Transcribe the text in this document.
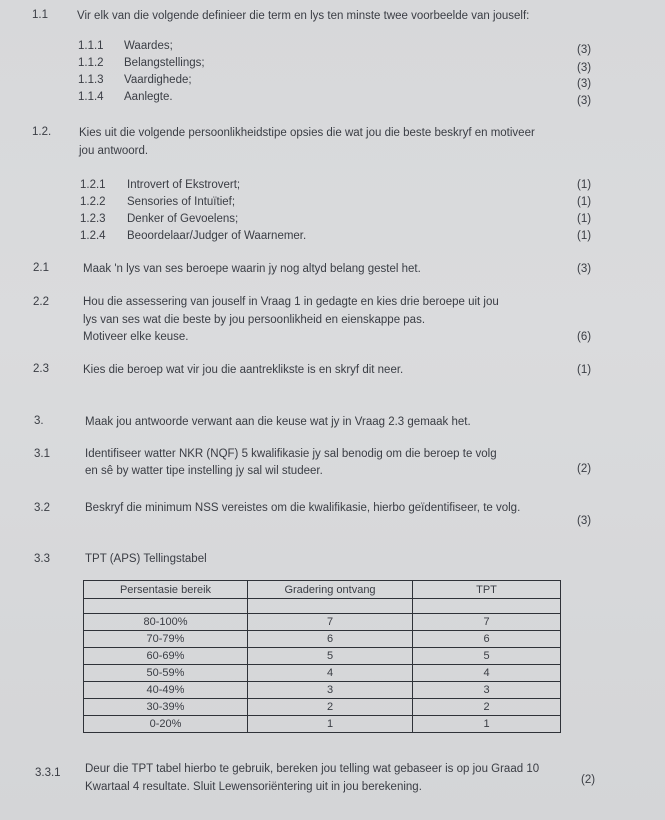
1.1	Vir elk van die volgende definieer die term en lys ten minste twee voorbeelde van jouself:
1.1.1 Waardes;	(3)
1.1.2 Belangstellings;	(3)
1.1.3 Vaardighede;	(3)
1.1.4 Aanlegte.	(3)
1.2. Kies uit die volgende persoonlikheidstipe opsies die wat jou die beste beskryf en motiveer
jou antwoord.
1.2.1 Introvert of Ekstrovert;	(1)
1.2.2 Sensories of Intuïtief;	(1)
1.2.3 Denker of Gevoelens;	(1)
1.2.4 Beoordelaar/Judger of Waarnemer.	(1)
2.1	Maak 'n lys van ses beroepe waarin jy nog altyd belang gestel het.	(3)
2.2	Hou die assessering van jouself in Vraag 1 in gedagte en kies drie beroepe uit jou
lys van ses wat die beste by jou persoonlikheid en eienskappe pas.
Motiveer elke keuse.	(6)
2.3	Kies die beroep wat vir jou die aantreklikste is en skryf dit neer.	(1)
3.	Maak jou antwoorde verwant aan die keuse wat jy in Vraag 2.3 gemaak het.
3.1	Identifiseer watter NKR (NQF) 5 kwalifikasie jy sal benodig om die beroep te volg
en sê by watter tipe instelling jy sal wil studeer.	(2)
3.2	Beskryf die minimum NSS vereistes om die kwalifikasie, hierbo geïdentifiseer, te volg.
(3)
3.3	TPT (APS) Tellingstabel
Persentasie bereik	Gradering ontvang	TPT

80-100%	7	7
70-79%	6	6
60-69%	5	5
50-59%	4	4
40-49%	3	3
30-39%	2	2
0-20%	1	1
3.3.1 Deur die TPT tabel hierbo te gebruik, bereken jou telling wat gebaseer is op jou Graad 10
Kwartaal 4 resultate. Sluit Lewensoriëntering uit in jou berekening.
(2)
